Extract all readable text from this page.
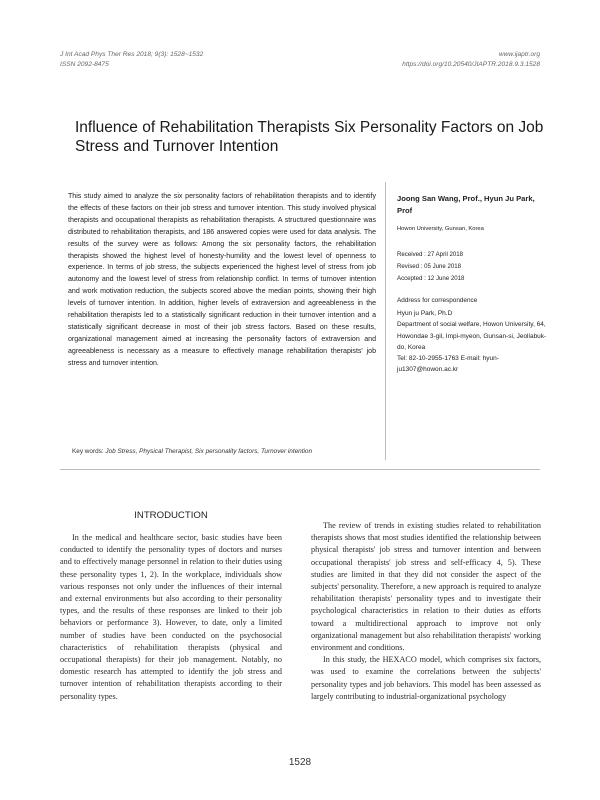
J Int Acad Phys Ther Res 2018; 9(3): 1528~1532
ISSN 2092-8475
www.ijaptr.org
https://doi.org/10.20540/JIAPTR.2018.9.3.1528
Influence of Rehabilitation Therapists Six Personality Factors on Job Stress and Turnover Intention
This study aimed to analyze the six personality factors of rehabilitation therapists and to identify the effects of these factors on their job stress and turnover intention. This study involved physical therapists and occupational therapists as rehabilitation therapists. A structured questionnaire was distributed to rehabilitation therapists, and 186 answered copies were used for data analysis. The results of the survey were as follows: Among the six personality factors, the rehabilitation therapists showed the highest level of honesty-humility and the lowest level of openness to experience. In terms of job stress, the subjects experienced the highest level of stress from job autonomy and the lowest level of stress from relationship conflict. In terms of turnover intention and work motivation reduction, the subjects scored above the median points, showing their high levels of turnover intention. In addition, higher levels of extraversion and agreeableness in the rehabilitation therapists led to a statistically significant reduction in their turnover intention and a statistically significant decrease in most of their job stress factors. Based on these results, organizational management aimed at increasing the personality factors of extraversion and agreeableness is necessary as a measure to effectively manage rehabilitation therapists' job stress and turnover intention.
Key words: Job Stress, Physical Therapist, Six personality factors, Turnover intention
Joong San Wang, Prof., Hyun Ju Park, Prof
Howon University, Gunsan, Korea
Received : 27 April 2018
Revised : 05 June 2018
Accepted : 12 June 2018
Address for correspondence
Hyun ju Park, Ph.D
Department of social welfare, Howon University, 64, Howondae 3-gil, Impi-myeon, Gunsan-si, Jeollabuk-do, Korea
Tel: 82-10-2955-1763 E-mail: hyun-ju1307@howon.ac.kr
INTRODUCTION

In the medical and healthcare sector, basic studies have been conducted to identify the personality types of doctors and nurses and to effectively manage personnel in relation to their duties using these personality types 1, 2). In the workplace, individuals show various responses not only under the influences of their internal and external environments but also according to their personality types, and the results of these responses are linked to their job behaviors or performance 3). However, to date, only a limited number of studies have been conducted on the psychosocial characteristics of rehabilitation therapists (physical and occupational therapists) for their job management. Notably, no domestic research has attempted to identify the job stress and turnover intention of rehabilitation therapists according to their personality types.

The review of trends in existing studies related to rehabilitation therapists shows that most studies identified the relationship between physical therapists' job stress and turnover intention and between occupational therapists' job stress and self-efficacy 4, 5). These studies are limited in that they did not consider the aspect of the subjects' personality. Therefore, a new approach is required to analyze rehabilitation therapists' personality types and to investigate their psychological characteristics in relation to their duties as efforts toward a multidirectional approach to improve not only organizational management but also rehabilitation therapists' working environment and conditions.

In this study, the HEXACO model, which comprises six factors, was used to examine the correlations between the subjects' personality types and job behaviors. This model has been assessed as largely contributing to industrial-organizational psychology

1528
